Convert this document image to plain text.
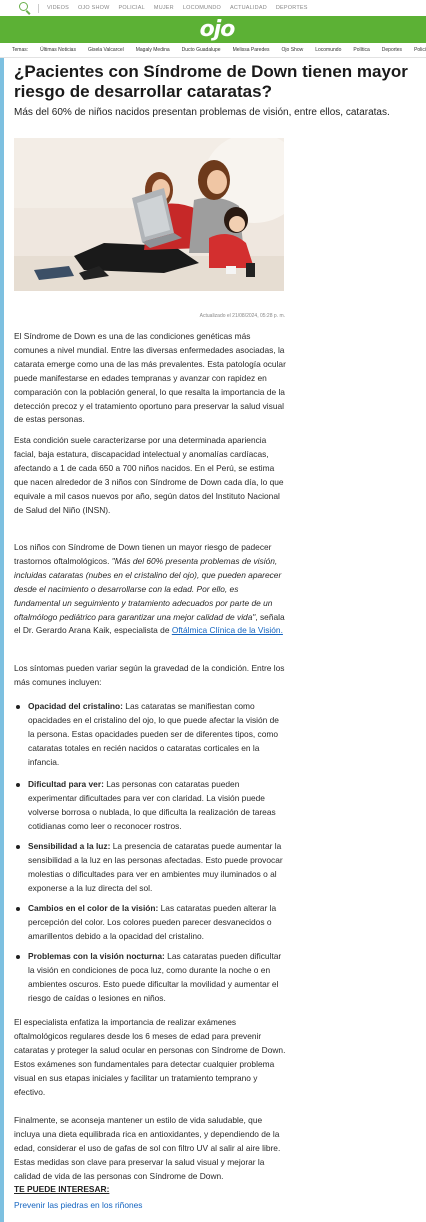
VIDEOS OJO SHOW POLICIAL MUJER LOCOMUNDO ACTUALIDAD DEPORTES
ojo
Temas: Últimas Noticias Gisela Valcarcel Magaly Medina Ducto Guadalupe Melissa Paredes Ojo Show Locomundo Política Deportes Polici
¿Pacientes con Síndrome de Down tienen mayor riesgo de desarrollar cataratas?
Más del 60% de niños nacidos presentan problemas de visión, entre ellos, cataratas.
Actualizado el 21/08/2024, 05:28 p. m.

El Síndrome de Down es una de las condiciones genéticas más comunes a nivel mundial. Entre las diversas enfermedades asociadas, la catarata emerge como una de las más prevalentes. Esta patología ocular puede manifestarse en edades tempranas y avanzar con rapidez en comparación con la población general, lo que resalta la importancia de la detección precoz y el tratamiento oportuno para preservar la salud visual de estas personas.

Esta condición suele caracterizarse por una determinada apariencia facial, baja estatura, discapacidad intelectual y anomalías cardíacas, afectando a 1 de cada 650 a 700 niños nacidos. En el Perú, se estima que nacen alrededor de 3 niños con Síndrome de Down cada día, lo que equivale a mil casos nuevos por año, según datos del Instituto Nacional de Salud del Niño (INSN).

Los niños con Síndrome de Down tienen un mayor riesgo de padecer trastornos oftalmológicos. "Más del 60% presenta problemas de visión, incluidas cataratas (nubes en el cristalino del ojo), que pueden aparecer desde el nacimiento o desarrollarse con la edad. Por ello, es fundamental un seguimiento y tratamiento adecuados por parte de un oftalmólogo pediátrico para garantizar una mejor calidad de vida", señala el Dr. Gerardo Arana Kaik, especialista de Oftálmica Clínica de la Visión.

Los síntomas pueden variar según la gravedad de la condición. Entre los más comunes incluyen:

Opacidad del cristalino: Las cataratas se manifiestan como opacidades en el cristalino del ojo, lo que puede afectar la visión de la persona. Estas opacidades pueden ser de diferentes tipos, como cataratas totales en recién nacidos o cataratas corticales en la infancia.
Dificultad para ver: Las personas con cataratas pueden experimentar dificultades para ver con claridad. La visión puede volverse borrosa o nublada, lo que dificulta la realización de tareas cotidianas como leer o reconocer rostros.
Sensibilidad a la luz: La presencia de cataratas puede aumentar la sensibilidad a la luz en las personas afectadas. Esto puede provocar molestias o dificultades para ver en ambientes muy iluminados o al exponerse a la luz directa del sol.
Cambios en el color de la visión: Las cataratas pueden alterar la percepción del color. Los colores pueden parecer desvanecidos o amarillentos debido a la opacidad del cristalino.
Problemas con la visión nocturna: Las cataratas pueden dificultar la visión en condiciones de poca luz, como durante la noche o en ambientes oscuros. Esto puede dificultar la movilidad y aumentar el riesgo de caídas o lesiones en niños.

El especialista enfatiza la importancia de realizar exámenes oftalmológicos regulares desde los 6 meses de edad para prevenir cataratas y proteger la salud ocular en personas con Síndrome de Down. Estos exámenes son fundamentales para detectar cualquier problema visual en sus etapas iniciales y facilitar un tratamiento temprano y efectivo.

Finalmente, se aconseja mantener un estilo de vida saludable, que incluya una dieta equilibrada rica en antioxidantes, y dependiendo de la edad, considerar el uso de gafas de sol con filtro UV al salir al aire libre. Estas medidas son clave para preservar la salud visual y mejorar la calidad de vida de las personas con Síndrome de Down.

TE PUEDE INTERESAR:
Prevenir las piedras en los riñones
